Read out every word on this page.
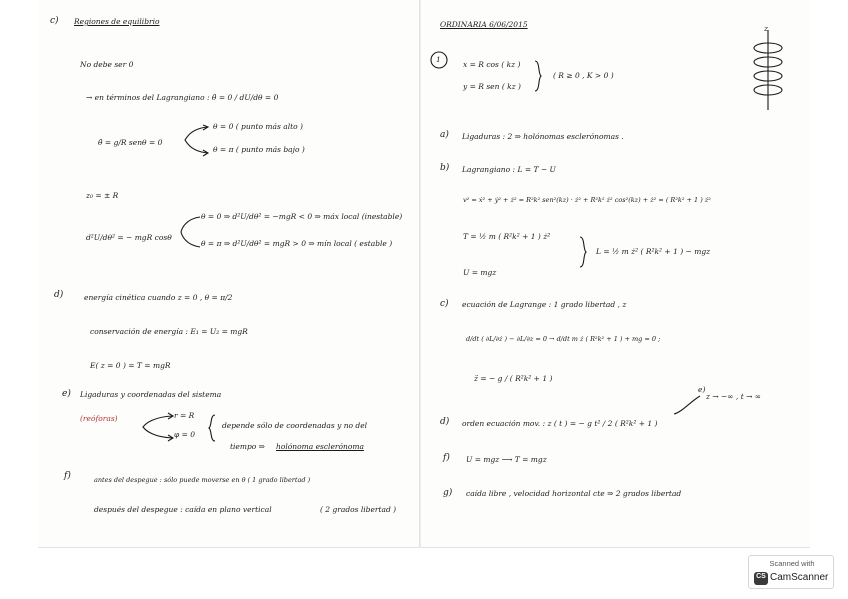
c) Regiones de equilibrio
No debe ser 0
→ en términos del Lagrangiano : θ̈ = 0 / dU/dθ = 0
θ̈ = g/R senθ = 0
θ = 0 ( punto más alto )
θ = π ( punto más bajo )
z₀ = ± R
d²U/dθ² = − mgR cosθ
θ = 0 ⇒ d²U/dθ² = −mgR < 0 ⇒ máx local (inestable)
θ = π ⇒ d²U/dθ² = mgR > 0 ⇒ mín local ( estable )
d)	energía cinética cuando z = 0 , θ = π/2
conservación de energía : E₁ = U₂ = mgR
E( z = 0 ) = T = mgR
e) Ligaduras y coordenadas del sistema
(reóforas)	r = R
φ = 0
depende sólo de coordenadas y no del
tiempo ⇒ holónoma esclerónoma
f)	antes del despegue : sólo puede moverse en θ ( 1 grado libertad )
después del despegue : caída en plano vertical	( 2 grados libertad )
ORDINARIA 6/06/2015
1
x = R cos ( kz )
y = R sen ( kz )
( R ≥ 0 , K > 0 )
z
a) Ligaduras : 2 ⇒ holónomas esclerónomas .
b) Lagrangiano : L = T − U
v² = ẋ² + ẏ² + ż² = R²k² sen²(kz) · ż² + R²k² ż² cos²(kz) + ż² = ( R²k² + 1 ) ż²
T = ½ m ( R²k² + 1 ) ż²
L = ½ m ż² ( R²k² + 1 ) − mgz
U = mgz
c) ecuación de Lagrange : 1 grado libertad , z
d/dt ( ∂L/∂ż ) − ∂L/∂z = 0 → d/dt m ż ( R²k² + 1 ) + mg = 0 ;
z̈ = − g / ( R²k² + 1 )
d) orden ecuación mov. : z ( t ) = − g t² / 2 ( R²k² + 1 )
e)
z → −∞ , t → ∞
f) U = mgz ⟶ T = mgz
g) caída libre , velocidad horizontal cte ⇒ 2 grados libertad
Scanned with
CS CamScanner
